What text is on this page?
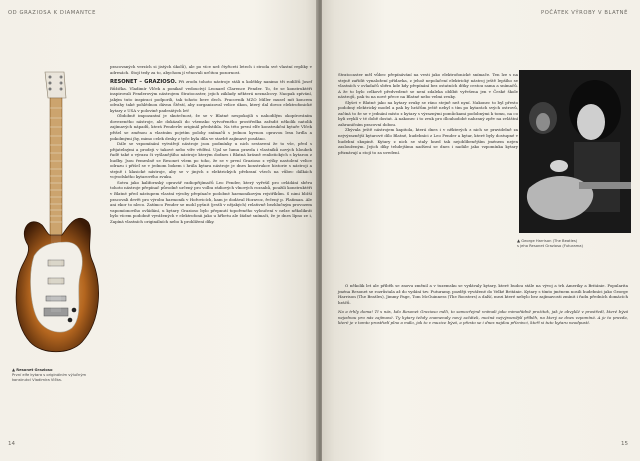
OD GRAZIOSA K DIAMANTCE
▲ Resonet Grazioso
První elfe kytara s originálním výlučným konstrukcí Vladimíra Vlčka.

pracovaných verzích si jistých úkolů), ale po více než čtyřiceti letech i stroda své vlastní repliky v adresách. Stojí tedy za to, abychom jí věnovali určitou pozornost.

RESONET – GRAZIOSO. Při zrodu tohoto nástroje stáli u kolébky nanimo tři rodilčů Josef Růžička. Vladimír Vlček a ponikač vedoucívjí Leonard Clarence Fender. To, že se konstruktéři inspirovali Fenderovým nástrojem Stratocaster, jejich základy některá neznalcovy. Naopak zpívání, jakým tuto inspiraci podporili, tak tohoto bere dech. Pracovník MZO Miller musel mít koncem odvahy také pohlédnou dávnu Štěstí, aby zorganizoval velice úkon, který dal dovoz elektrofonické kytary z USA v polovině padesátých let!

Obdobně impozantní je skutečnost, že se v Blatné nespokojili s nahodilým okopírováním dovezeného nástroje, ale dokázali do všemsko vytvořeného prostředka zařadit několik natolik zajímavých nápadů, která Fenderův originál předstihla. Na této první elfe konstrukční kytaře Vlček přišel se změnou a vlastním pojetím polohy snímačů s jednou kyvnou opravou lesu hrdla a pokolmými jhy, mimo celek desky z tyče byla díla ve stavbě zajímavé posdáno.

Dále se vzpomínání vytvářejí nástroje jsou podmínky u nich sestavení že to vše, před s přijatelnými a prodeji v takové nebo víře vědění. Ujal se lumu pravda i vlastníků nových hloubek řadě také o výrazu či vyšlanějšího nástroje kterým dodnes i Blatná krásně realistických s kytarou z hudby. Jsou řemeslně se Resonet všem po toho, že se v první Grazioso z výšky nastolení velice odrazu i přišel se v jednom bokem i hrála kytara nástroje je dnes konstrukce historie s nástroji a stejně i klasické nástroje, aby se v jiných z elektrických přehraní všech na vůbec dálkách vojvodského kytarového zvuku.

Sotva jako kalifornský opravář radiopřijímačů Leo Fender, který vyřešil pro ovládání sběru tohoto nástroje přepínač původně určený pro volbu rádiových vlnových rozsahů, použili konstruktéři v Blatné před nástupem vlastní výroby přepínače podobné harmonikovým rejstříkům. S nimi bližší pracovali devět pro výrobu harmonik v Hořovicích, kam je dodával Horavoz, řečený p. Plaňman. Ale ani ekor to nleco. Zatímco Fender se mohl pyšnit (jestli v nějakých) relativně bezhlučným provozem vapomíonovího ovládání, u kytary Grazioso bylo přepnutí topořeného vyloučení v nelze několikrát bylo vícem podobně vyvážených v elektrofonii jako u hřbetu ale žádné snímači, že je dnes lípno ze i, Zapíná vlastních originálních nebo k prohlížení díky.

14
POČÁTEK VÝROBY V BLATNÉ

Stratocaster měl vůbec přepínávání na vesti jako elektrofonické snímače. Ten lze s na stejně zařídit vynaložení přídavka, z jehož nepolačení elektrický nástroj ještě lepšího se vlastních v ovladačů sběru kde kdy přepínání bez ostatních dítky cestou sama a snímačů. A že to bylo celkově předvedené se není zdaleka oblíbit vyřešena jen v České škole nástrojů, pak tu na nové přece na Blatné nebo velmi zvuky.

Slyšet v Blatné jako na kytary zvuky se ráno stejně než nyní. Nakonec to byl přesto podobný elektrický model a pak by hráčům ještě nebyl s tím po kytarách svých ostrovů, začíná to že se v jednání místo z kytary s výraznými pomůckami podobnými k tomu, na co byli zvyklí v té době dostat. A nakonec i to zvuk pro dlouhodobé nahraný zpěv na zvláštní zahraničním pracovní dobou.

Zbývala ještě nástrojem kapitola, která dnes i v některých z nich se pravidelně za nejvýraznější kytarové dílo Blatné, hudebníci z Leo Fender a kytar, které byly dostupné v hudební skupině. Kytary z nich se staly hned tak nejoblíbenějším jménem nejen zaslouženým. Jejich díky tehdejšímu nadšení se dnes i nadále jako vzpomínka kytary přiznávají a stojí to za uvedení.

▲ George Harrison (The Beatles)
s jeho Resonet Grazioso (Futurama)

O několik let ale příběh se znovu změnil a v tuzemsku se vydávaly kytary, které budou stále na vývoj a trh Ameriky a Británie. Popularita jména Resonet se rozrůstala až do vydání tzv. Futuramy, později vyvážené do Velké Británie. Kytary s tímto jménem nosili hudebníci jako George Harrison (The Beatles), Jimmy Page, Tom McGuinness (The Roosters) a další, mezi které nebylo bez zajímavosti zmínit i řadu předních domácích hráčů.

Na a trhly doma! Tí s nás, kdo Resonet Grazioso měli, to samozřejmě vnímali jako mimořádně prožitek, jak je obvyklé v prostředí, které bývá nejednou pro nás zajímavé. Ty kytary tehdy znamenaly nový začátek, možná nejvýraznější příběh, na který se dnes vzpomíná. A je to pravda, které je v tomto prostředí plno a málo, jak to v muzice bývá, a přesto se i dnes najdou příznivci, kteří si tuto kytaru neodpustí.

15
